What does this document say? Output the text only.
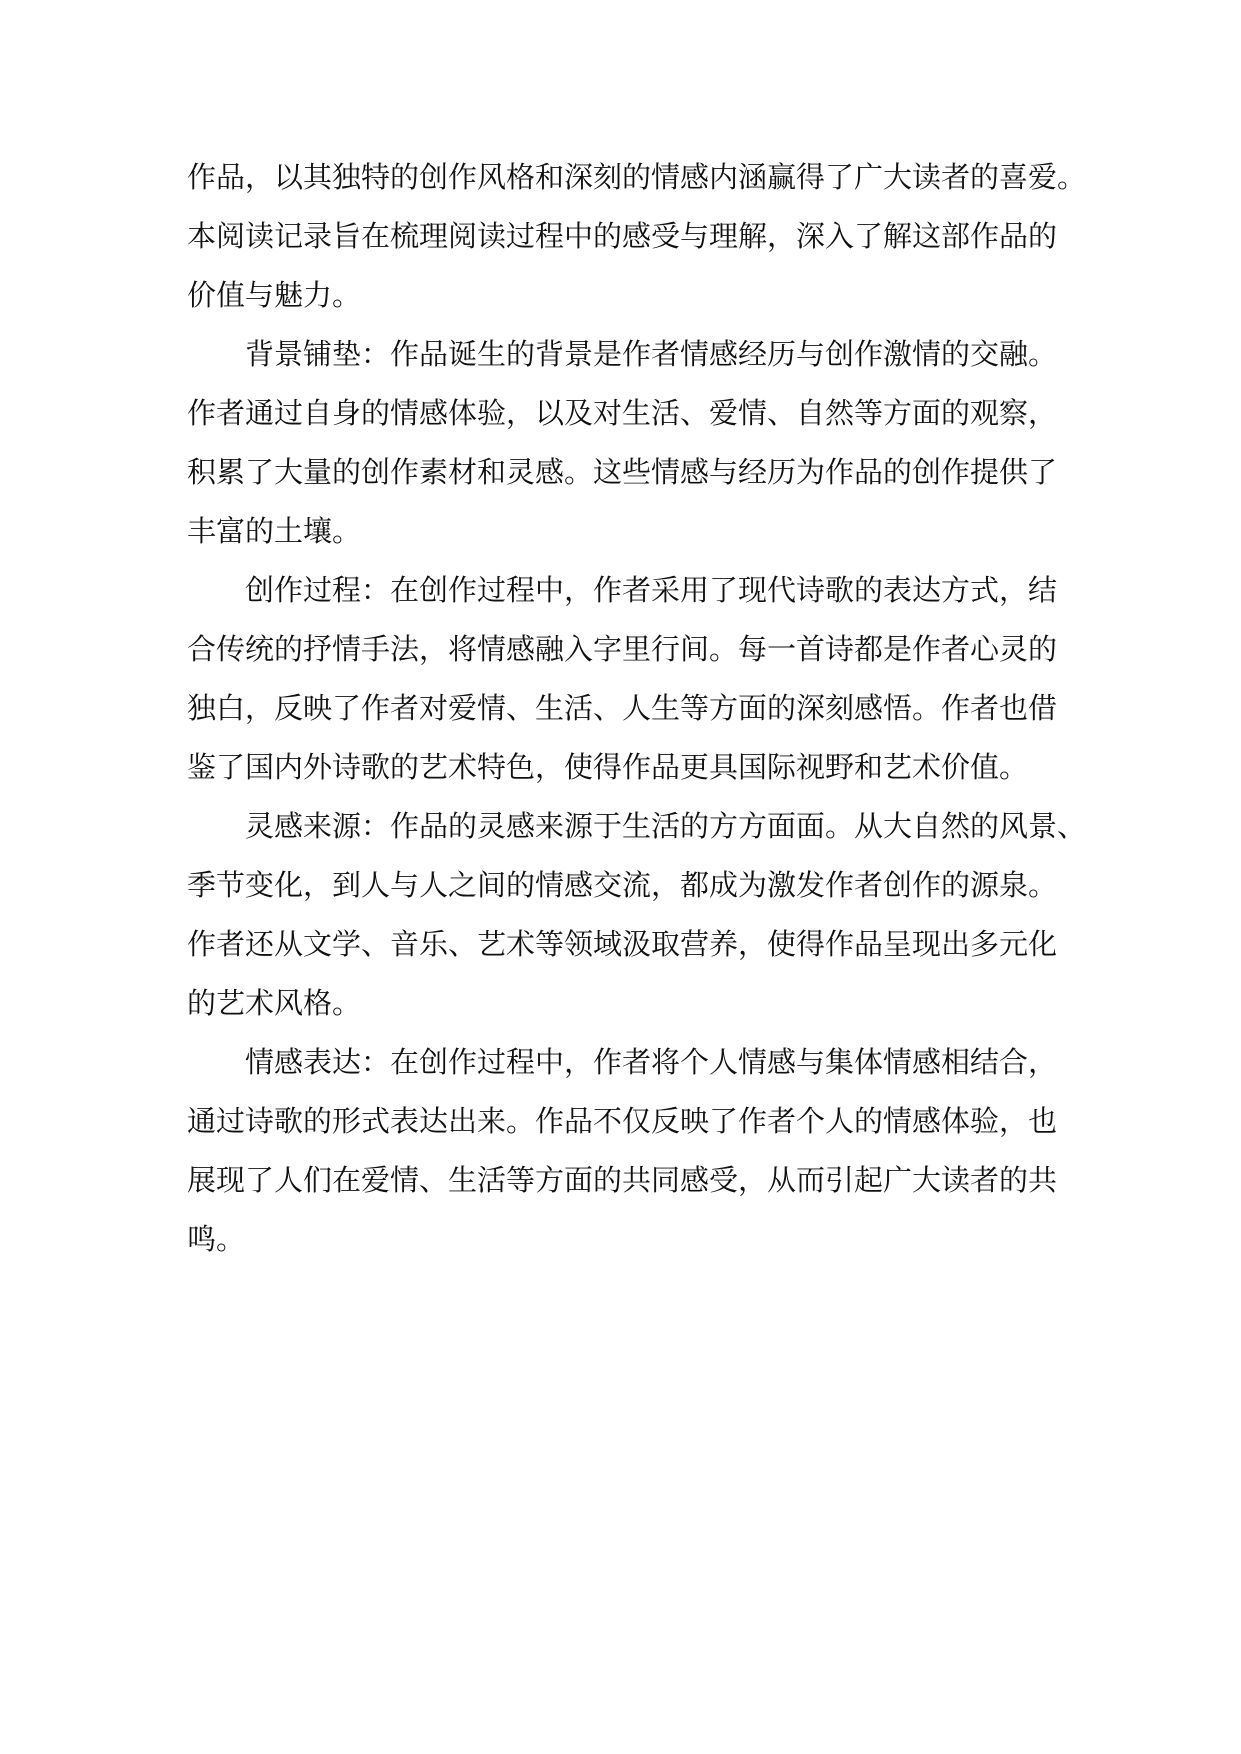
作品，以其独特的创作风格和深刻的情感内涵赢得了广大读者的喜爱。
本阅读记录旨在梳理阅读过程中的感受与理解，深入了解这部作品的
价值与魅力。
背景铺垫：作品诞生的背景是作者情感经历与创作激情的交融。
作者通过自身的情感体验，以及对生活、爱情、自然等方面的观察，
积累了大量的创作素材和灵感。这些情感与经历为作品的创作提供了
丰富的土壤。
创作过程：在创作过程中，作者采用了现代诗歌的表达方式，结
合传统的抒情手法，将情感融入字里行间。每一首诗都是作者心灵的
独白，反映了作者对爱情、生活、人生等方面的深刻感悟。作者也借
鉴了国内外诗歌的艺术特色，使得作品更具国际视野和艺术价值。
灵感来源：作品的灵感来源于生活的方方面面。从大自然的风景、
季节变化，到人与人之间的情感交流，都成为激发作者创作的源泉。
作者还从文学、音乐、艺术等领域汲取营养，使得作品呈现出多元化
的艺术风格。
情感表达：在创作过程中，作者将个人情感与集体情感相结合，
通过诗歌的形式表达出来。作品不仅反映了作者个人的情感体验，也
展现了人们在爱情、生活等方面的共同感受，从而引起广大读者的共
鸣。
